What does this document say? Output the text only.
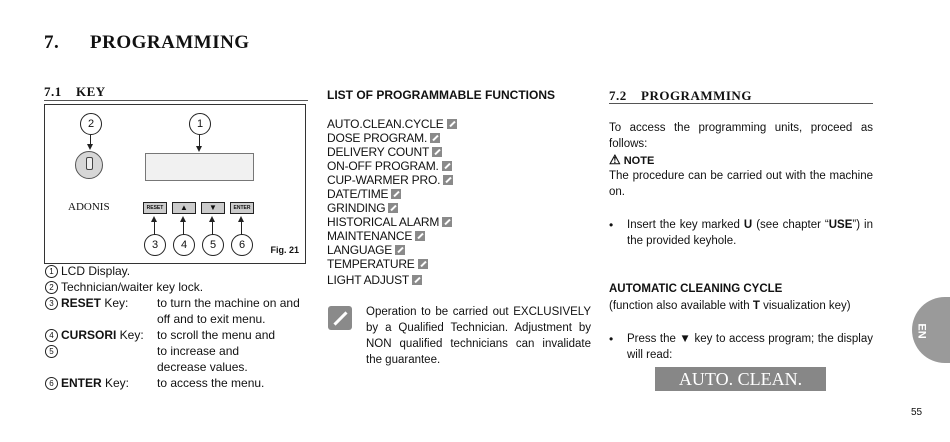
7. PROGRAMMING
7.1 KEY
2	1
ADONIS	RESET	▲	▼	ENTER
3	4	5	6	Fig. 21
1 LCD Display.
2 Technician/waiter key lock.
3 RESET Key: to turn the machine on and
off and to exit menu.
4 CURSORI Key: to scroll the menu and
5	to increase and
decrease values.
6 ENTER Key: to access the menu.
LIST OF PROGRAMMABLE FUNCTIONS
AUTO.CLEAN.CYCLE
DOSE PROGRAM.
DELIVERY COUNT
ON-OFF PROGRAM.
CUP-WARMER PRO.
DATE/TIME
GRINDING
HISTORICAL ALARM
MAINTENANCE
LANGUAGE
TEMPERATURE
LIGHT ADJUST
Operation to be carried out EXCLUSIVELY by a Qualified Technician. Adjustment by NON qualified technicians can invalidate the guarantee.
7.2 PROGRAMMING
To access the programming units, proceed as follows:
⚠ NOTE
The procedure can be carried out with the machine on.
• Insert the key marked U (see chapter “USE”) in the provided keyhole.
AUTOMATIC CLEANING CYCLE
(function also available with T visualization key)
• Press the ▼ key to access program; the display will read:
AUTO. CLEAN. CYCLE
EN
55
